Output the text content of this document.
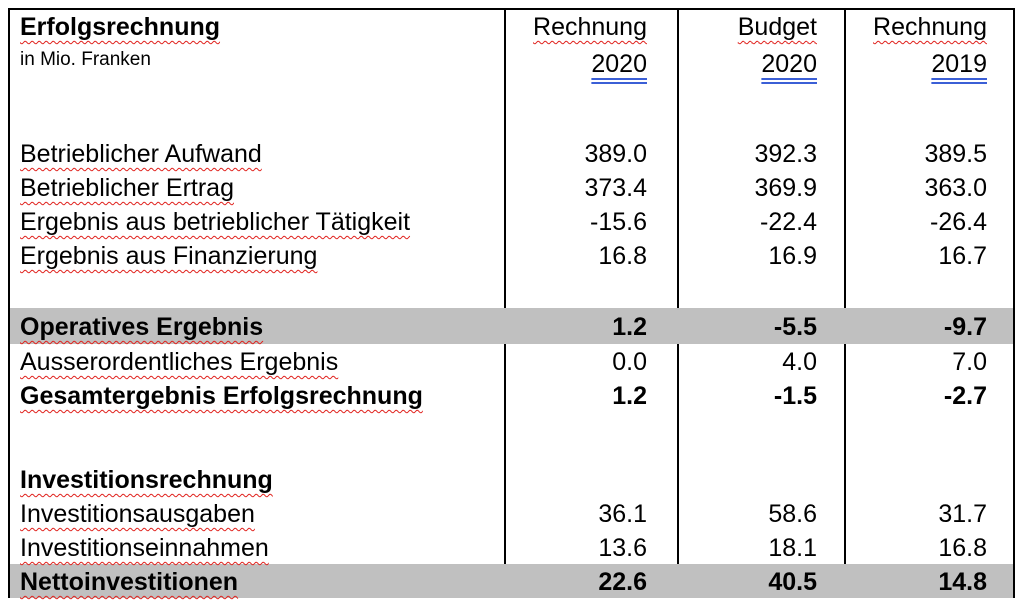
Erfolgsrechnung
in Mio. Franken
Rechnung
2020
Budget
2020
Rechnung
2019
Betrieblicher Aufwand	389.0	392.3	389.5
Betrieblicher Ertrag	373.4	369.9	363.0
Ergebnis aus betrieblicher Tätigkeit	-15.6	-22.4	-26.4
Ergebnis aus Finanzierung	16.8	16.9	16.7
Operatives Ergebnis	1.2	-5.5	-9.7
Ausserordentliches Ergebnis	0.0	4.0	7.0
Gesamtergebnis Erfolgsrechnung	1.2	-1.5	-2.7
Investitionsrechnung
Investitionsausgaben	36.1	58.6	31.7
Investitionseinnahmen	13.6	18.1	16.8
Nettoinvestitionen	22.6	40.5	14.8
